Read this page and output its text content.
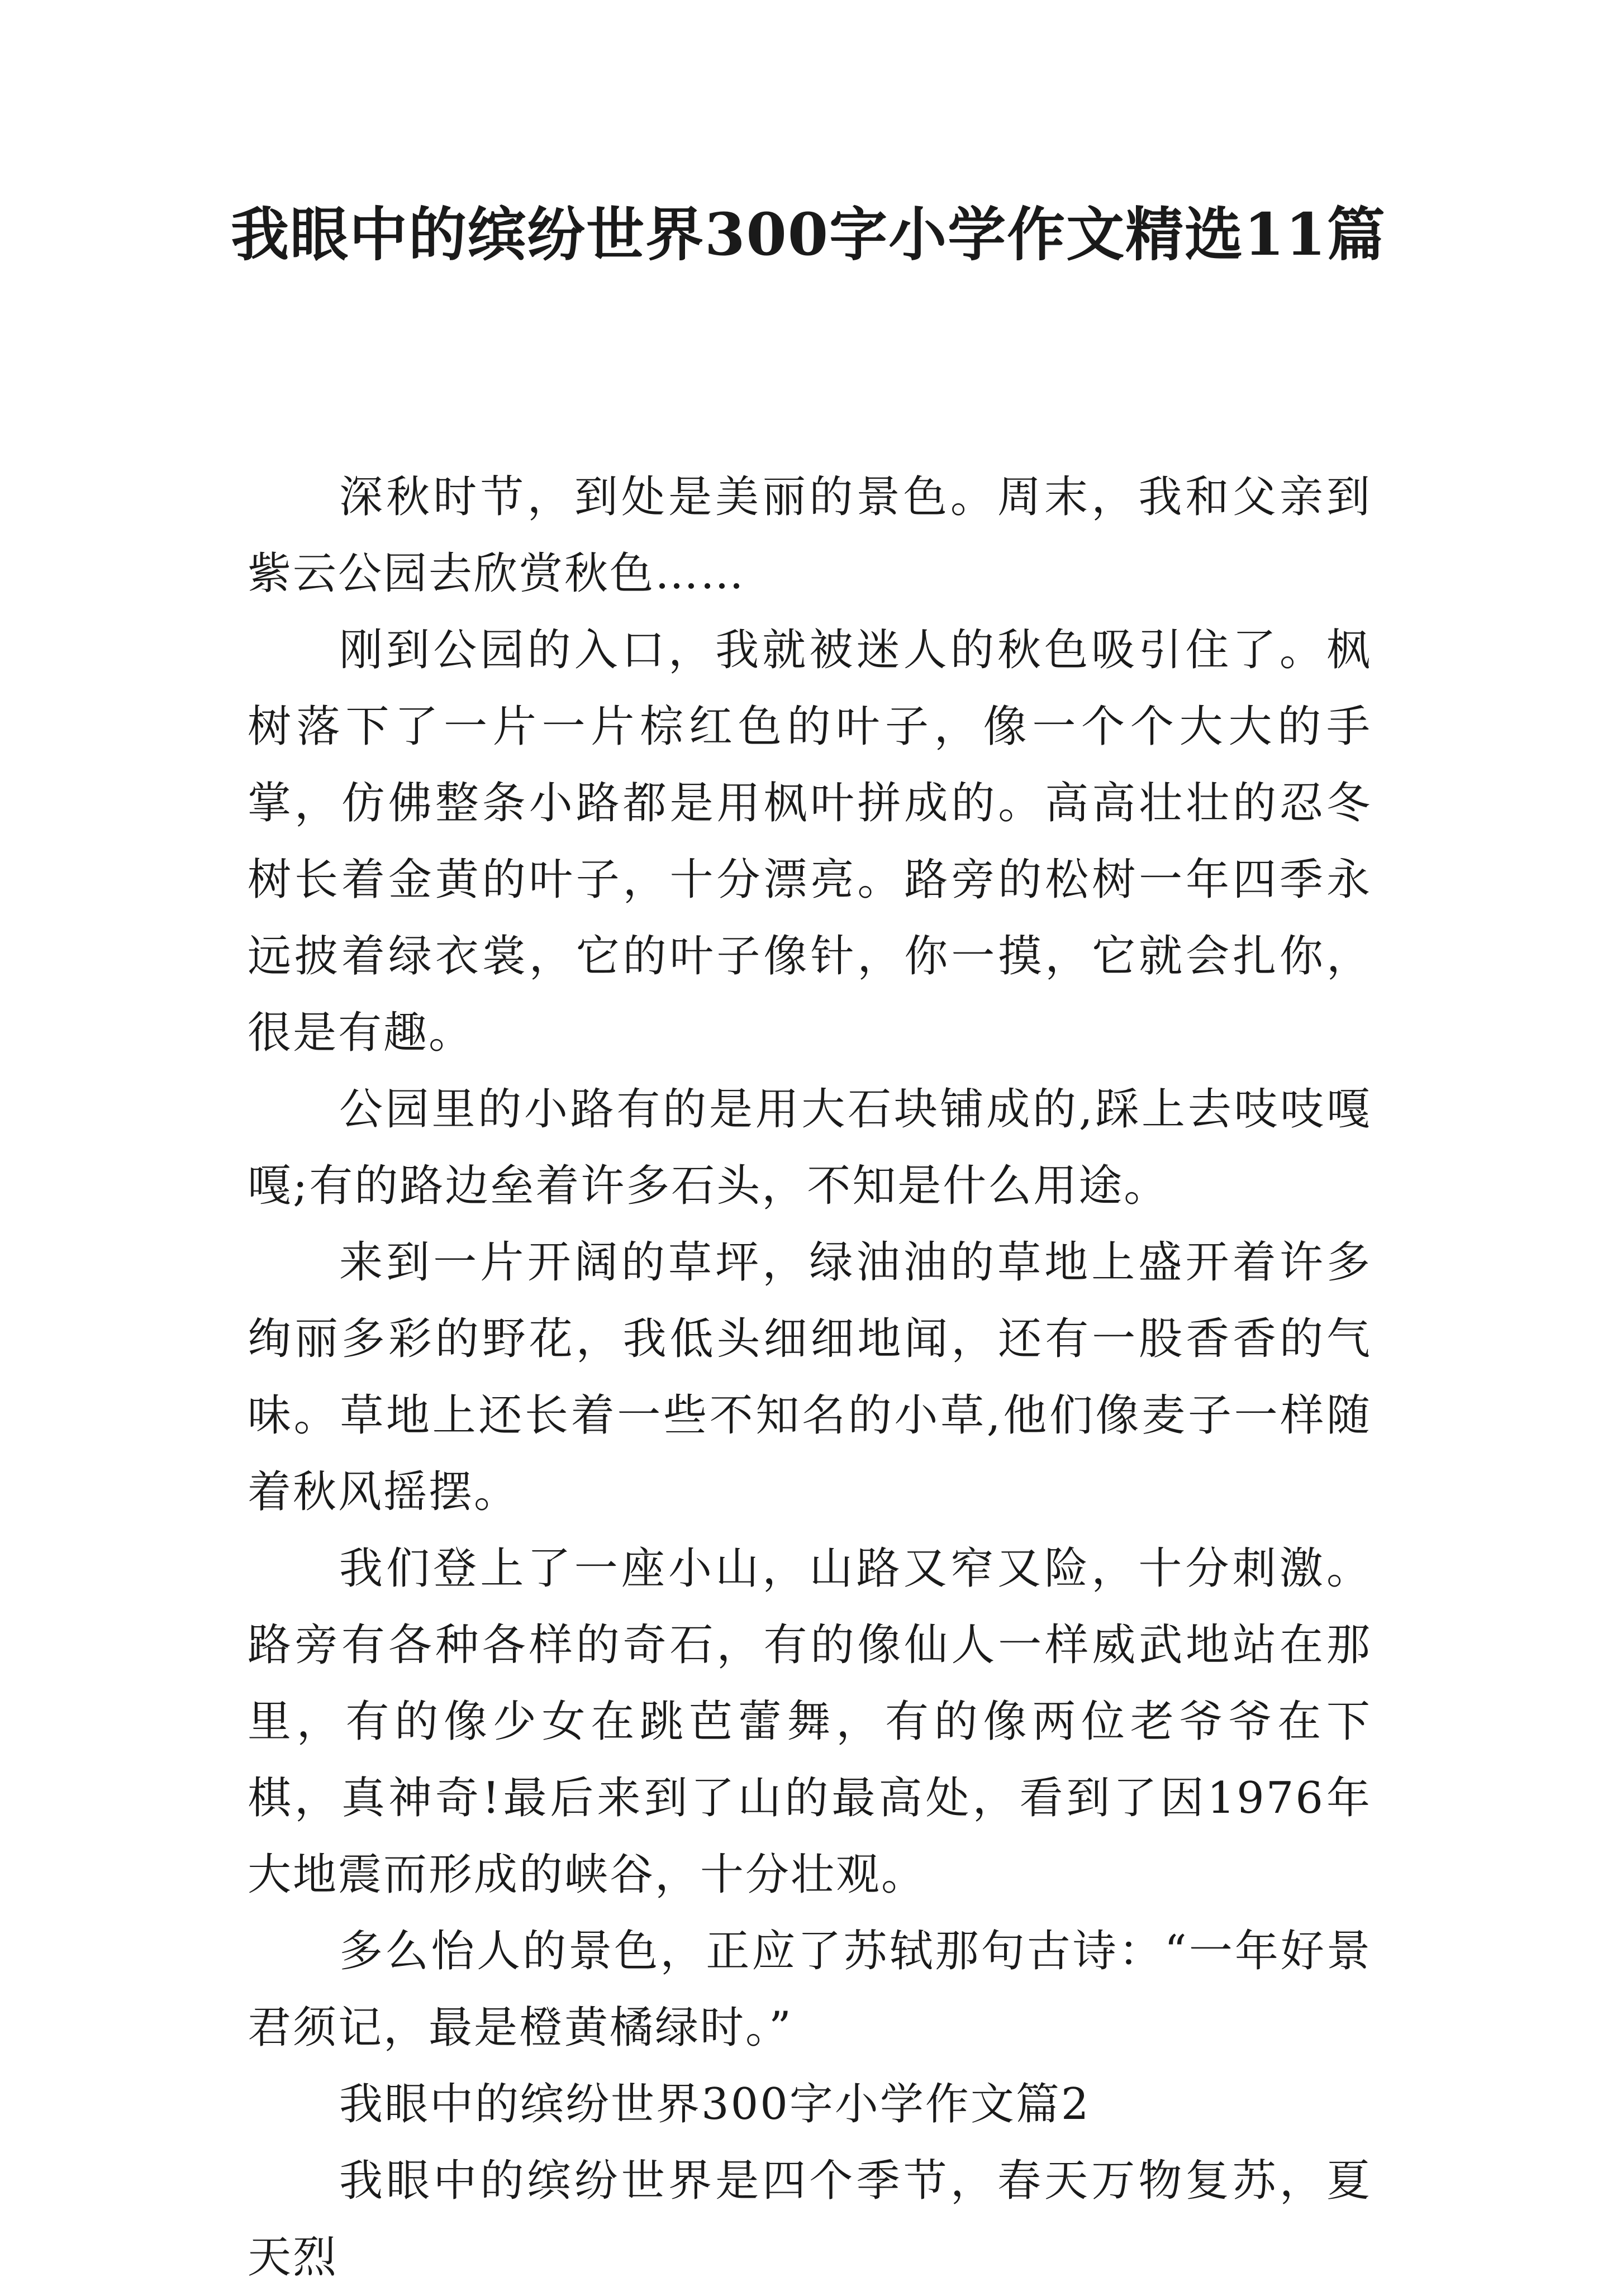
我眼中的缤纷世界300字小学作文精选11篇

深秋时节，到处是美丽的景色。周末，我和父亲到紫云公园去欣赏秋色……

刚到公园的入口，我就被迷人的秋色吸引住了。枫树落下了一片一片棕红色的叶子，像一个个大大的手掌，仿佛整条小路都是用枫叶拼成的。高高壮壮的忍冬树长着金黄的叶子，十分漂亮。路旁的松树一年四季永远披着绿衣裳，它的叶子像针，你一摸，它就会扎你，很是有趣。

公园里的小路有的是用大石块铺成的,踩上去吱吱嘎嘎;有的路边垒着许多石头，不知是什么用途。

来到一片开阔的草坪，绿油油的草地上盛开着许多绚丽多彩的野花，我低头细细地闻，还有一股香香的气味。草地上还长着一些不知名的小草,他们像麦子一样随着秋风摇摆。

我们登上了一座小山，山路又窄又险，十分刺激。路旁有各种各样的奇石，有的像仙人一样威武地站在那里，有的像少女在跳芭蕾舞，有的像两位老爷爷在下棋，真神奇!最后来到了山的最高处，看到了因1976年大地震而形成的峡谷，十分壮观。

多么怡人的景色，正应了苏轼那句古诗：“一年好景君须记，最是橙黄橘绿时。”

我眼中的缤纷世界300字小学作文篇2

我眼中的缤纷世界是四个季节，春天万物复苏，夏天烈
